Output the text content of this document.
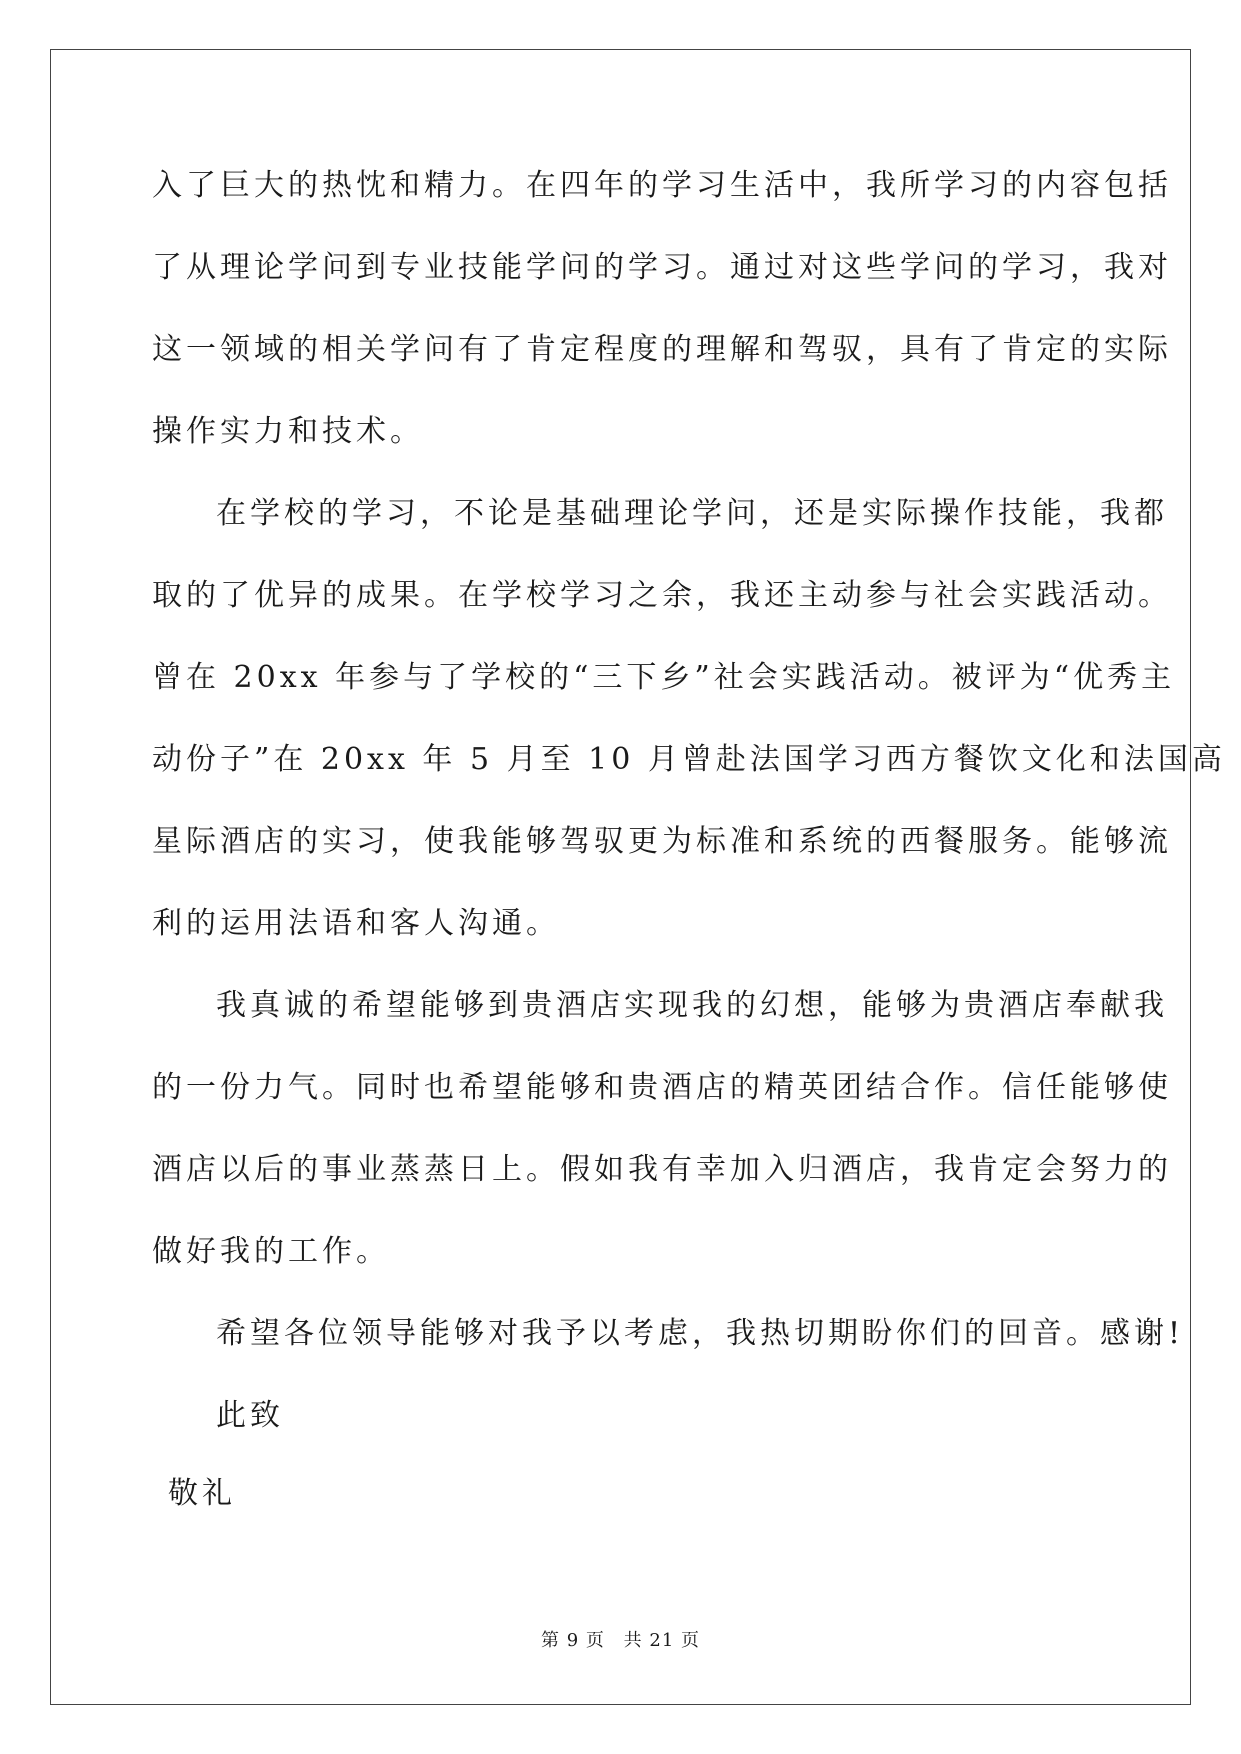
入了巨大的热忱和精力。在四年的学习生活中，我所学习的内容包括
了从理论学问到专业技能学问的学习。通过对这些学问的学习，我对
这一领域的相关学问有了肯定程度的理解和驾驭，具有了肯定的实际
操作实力和技术。
在学校的学习，不论是基础理论学问，还是实际操作技能，我都
取的了优异的成果。在学校学习之余，我还主动参与社会实践活动。
曾在 20xx 年参与了学校的“三下乡”社会实践活动。被评为“优秀主
动份子”在 20xx 年 5 月至 10 月曾赴法国学习西方餐饮文化和法国高
星际酒店的实习，使我能够驾驭更为标准和系统的西餐服务。能够流
利的运用法语和客人沟通。
我真诚的希望能够到贵酒店实现我的幻想，能够为贵酒店奉献我
的一份力气。同时也希望能够和贵酒店的精英团结合作。信任能够使
酒店以后的事业蒸蒸日上。假如我有幸加入归酒店，我肯定会努力的
做好我的工作。
希望各位领导能够对我予以考虑，我热切期盼你们的回音。感谢!
此致
敬礼
第 9 页 共 21 页
